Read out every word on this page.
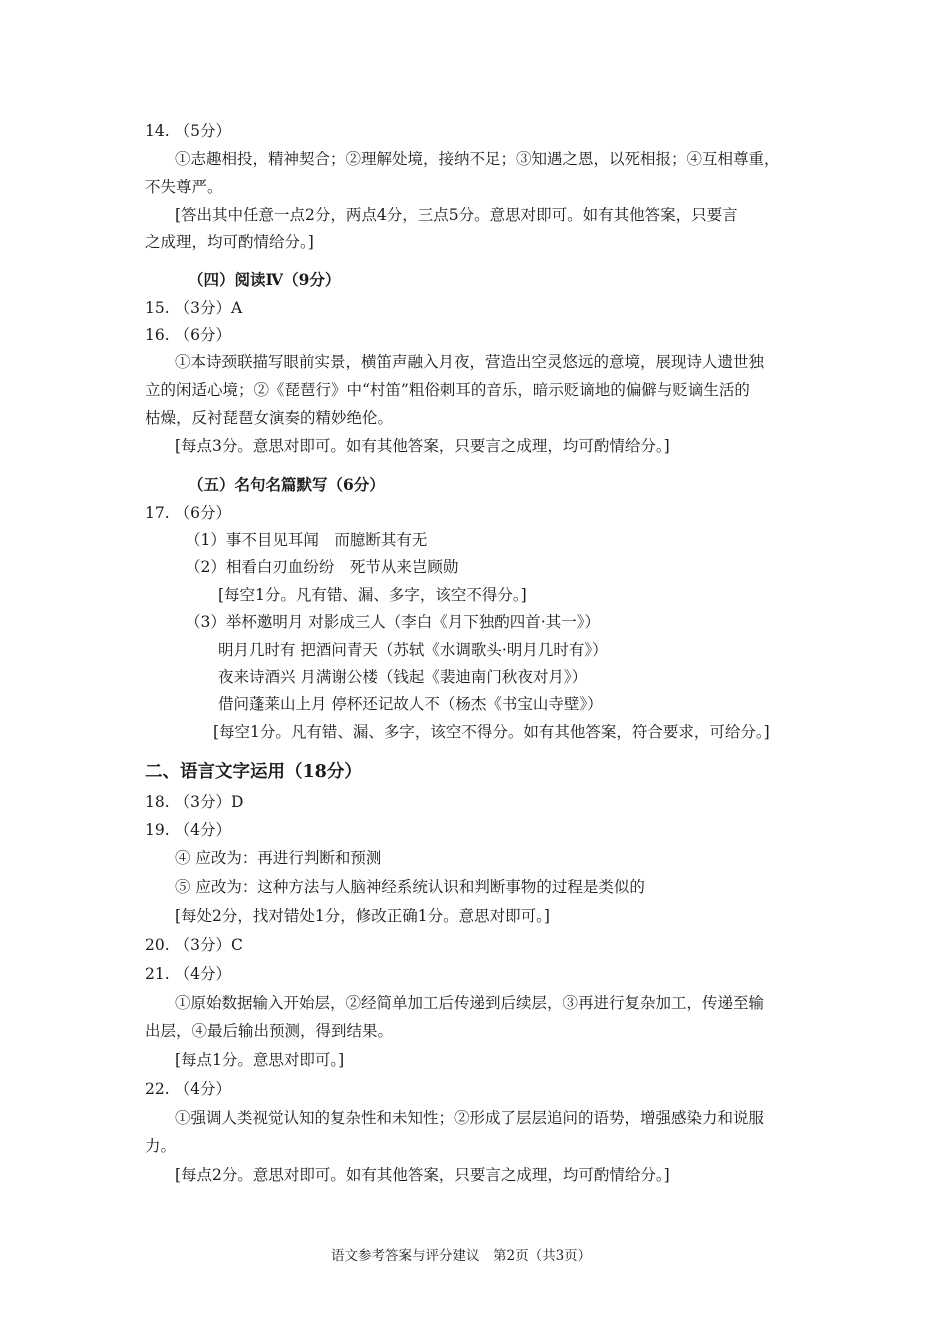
14. （5分）
①志趣相投，精神契合；②理解处境，接纳不足；③知遇之恩，以死相报；④互相尊重，
不失尊严。
[答出其中任意一点2分，两点4分，三点5分。意思对即可。如有其他答案，只要言
之成理，均可酌情给分。]
（四）阅读Ⅳ（9分）
15. （3分）A
16. （6分）
①本诗颈联描写眼前实景，横笛声融入月夜，营造出空灵悠远的意境，展现诗人遗世独
立的闲适心境；②《琵琶行》中“村笛”粗俗刺耳的音乐，暗示贬谪地的偏僻与贬谪生活的
枯燥，反衬琵琶女演奏的精妙绝伦。
[每点3分。意思对即可。如有其他答案，只要言之成理，均可酌情给分。]
（五）名句名篇默写（6分）
17. （6分）
（1）事不目见耳闻　而臆断其有无
（2）相看白刃血纷纷　死节从来岂顾勋
[每空1分。凡有错、漏、多字，该空不得分。]
（3）举杯邀明月 对影成三人（李白《月下独酌四首·其一》）
明月几时有 把酒问青天（苏轼《水调歌头·明月几时有》）
夜来诗酒兴 月满谢公楼（钱起《裴迪南门秋夜对月》）
借问蓬莱山上月 停杯还记故人不（杨杰《书宝山寺壁》）
[每空1分。凡有错、漏、多字，该空不得分。如有其他答案，符合要求，可给分。]
二、语言文字运用（18分）
18. （3分）D
19. （4分）
④ 应改为：再进行判断和预测
⑤ 应改为：这种方法与人脑神经系统认识和判断事物的过程是类似的
[每处2分，找对错处1分，修改正确1分。意思对即可。]
20. （3分）C
21. （4分）
①原始数据输入开始层，②经简单加工后传递到后续层，③再进行复杂加工，传递至输
出层，④最后输出预测，得到结果。
[每点1分。意思对即可。]
22. （4分）
①强调人类视觉认知的复杂性和未知性；②形成了层层追问的语势，增强感染力和说服
力。
[每点2分。意思对即可。如有其他答案，只要言之成理，均可酌情给分。]
语文参考答案与评分建议　第2页（共3页）
